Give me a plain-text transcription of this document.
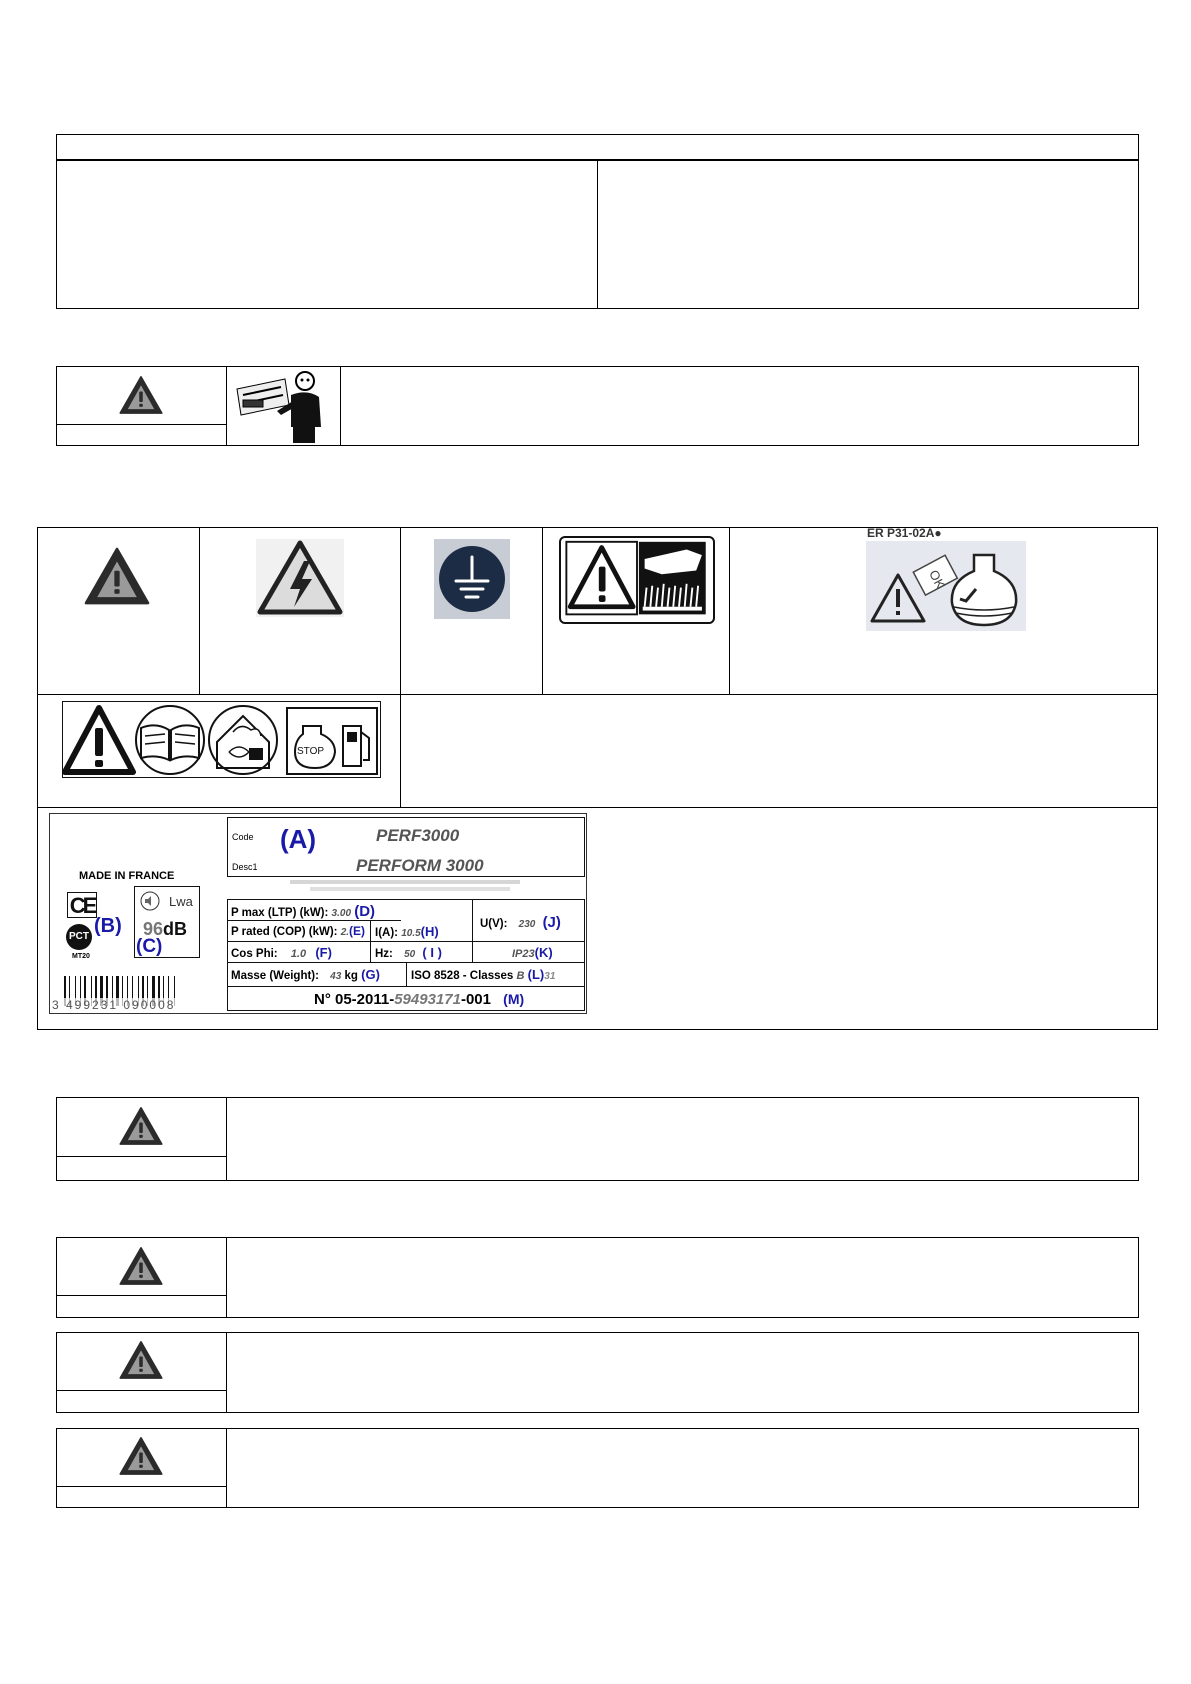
ER P31-02A●
OK
STOP
MADE IN FRANCE
CE
PCT
MT20
(B)
Lwa
96dB
(C)
3 499231 090008
Code (A)	PERF3000
Desc1	PERFORM 3000
P max (LTP) (kW): 3.00 (D)
P rated (COP) (kW): 2.(E) I(A): 10.5(H)	U(V): 230 (J)
Cos Phi: 1.0 (F)	Hz: 50 ( I )	IP23(K)
Masse (Weight): 43 kg (G)	ISO 8528 - Classes B (L)31
N° 05-2011-59493171-001 (M)
